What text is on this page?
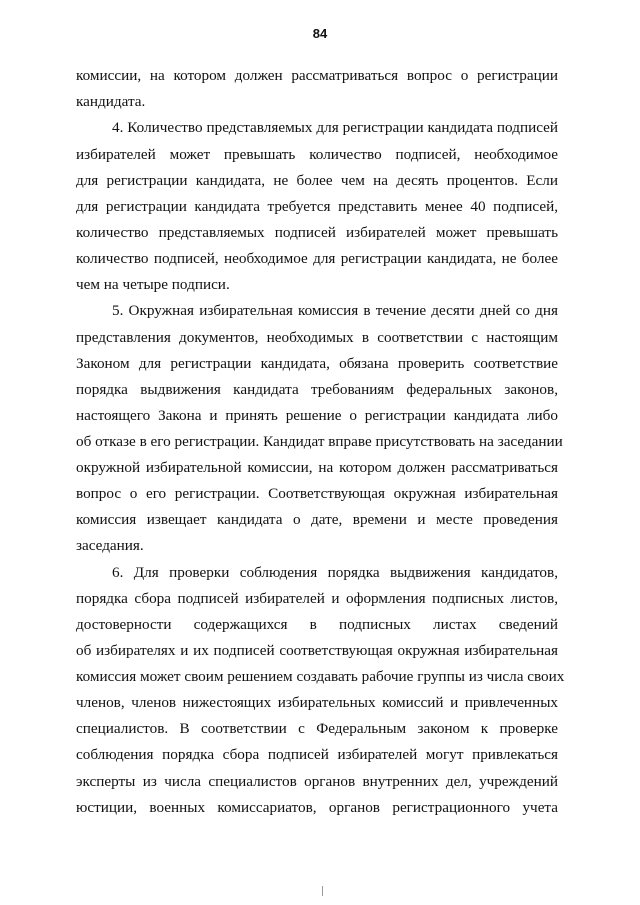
84
комиссии, на котором должен рассматриваться вопрос о регистрации
кандидата.
4. Количество представляемых для регистрации кандидата подписей
избирателей может превышать количество подписей, необходимое
для регистрации кандидата, не более чем на десять процентов. Если
для регистрации кандидата требуется представить менее 40 подписей,
количество представляемых подписей избирателей может превышать
количество подписей, необходимое для регистрации кандидата, не более
чем на четыре подписи.
5. Окружная избирательная комиссия в течение десяти дней со дня
представления документов, необходимых в соответствии с настоящим
Законом для регистрации кандидата, обязана проверить соответствие
порядка выдвижения кандидата требованиям федеральных законов,
настоящего Закона и принять решение о регистрации кандидата либо
об отказе в его регистрации. Кандидат вправе присутствовать на заседании
окружной избирательной комиссии, на котором должен рассматриваться
вопрос о его регистрации. Соответствующая окружная избирательная
комиссия извещает кандидата о дате, времени и месте проведения
заседания.
6. Для проверки соблюдения порядка выдвижения кандидатов,
порядка сбора подписей избирателей и оформления подписных листов,
достоверности содержащихся в подписных листах сведений
об избирателях и их подписей соответствующая окружная избирательная
комиссия может своим решением создавать рабочие группы из числа своих
членов, членов нижестоящих избирательных комиссий и привлеченных
специалистов. В соответствии с Федеральным законом к проверке
соблюдения порядка сбора подписей избирателей могут привлекаться
эксперты из числа специалистов органов внутренних дел, учреждений
юстиции, военных комиссариатов, органов регистрационного учета
